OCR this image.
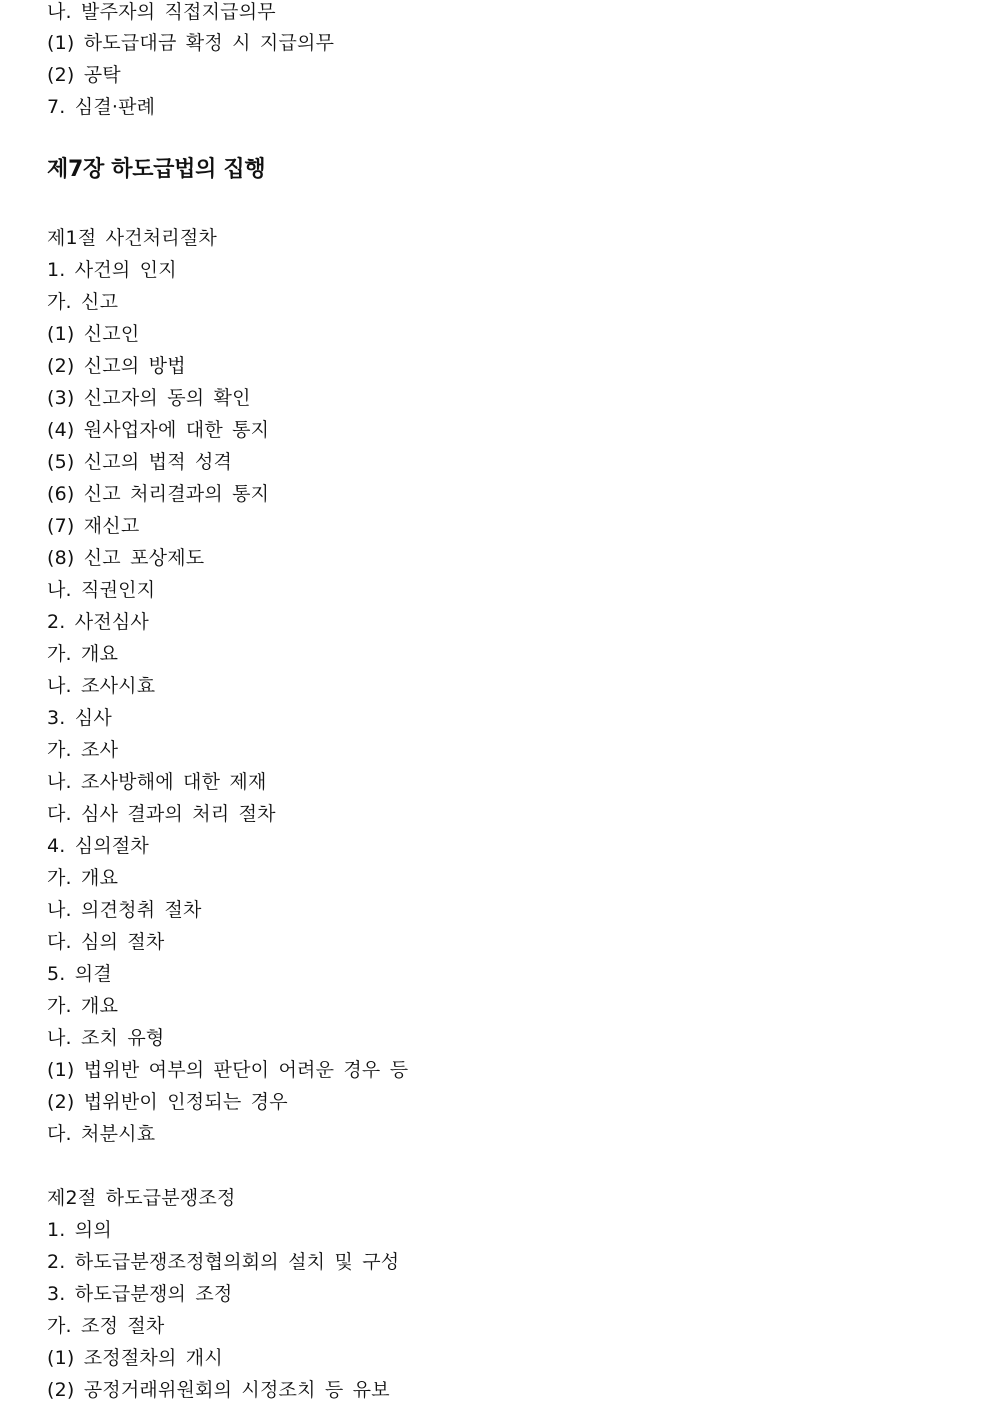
나. 발주자의 직접지급의무
(1) 하도급대금 확정 시 지급의무
(2) 공탁
7. 심결·판례
제7장 하도급법의 집행
제1절 사건처리절차
1. 사건의 인지
가. 신고
(1) 신고인
(2) 신고의 방법
(3) 신고자의 동의 확인
(4) 원사업자에 대한 통지
(5) 신고의 법적 성격
(6) 신고 처리결과의 통지
(7) 재신고
(8) 신고 포상제도
나. 직권인지
2. 사전심사
가. 개요
나. 조사시효
3. 심사
가. 조사
나. 조사방해에 대한 제재
다. 심사 결과의 처리 절차
4. 심의절차
가. 개요
나. 의견청취 절차
다. 심의 절차
5. 의결
가. 개요
나. 조치 유형
(1) 법위반 여부의 판단이 어려운 경우 등
(2) 법위반이 인정되는 경우
다. 처분시효
제2절 하도급분쟁조정
1. 의의
2. 하도급분쟁조정협의회의 설치 및 구성
3. 하도급분쟁의 조정
가. 조정 절차
(1) 조정절차의 개시
(2) 공정거래위원회의 시정조치 등 유보
